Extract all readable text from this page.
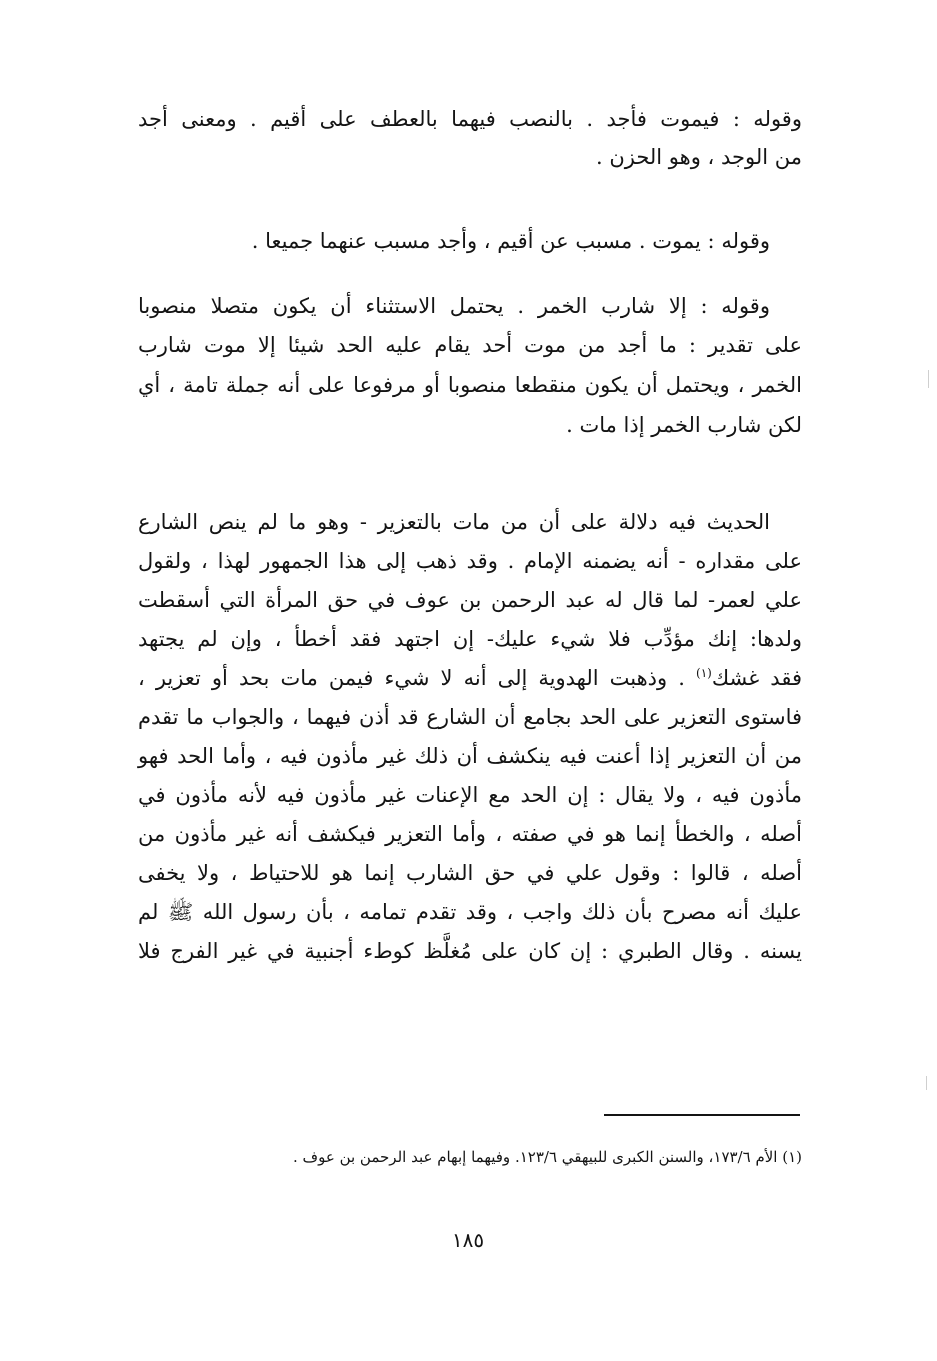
وقوله : فيموت فأجد . بالنصب فيهما بالعطف على أقيم . ومعنى أجد
من الوجد ، وهو الحزن .
وقوله : يموت . مسبب عن أقيم ، وأجد مسبب عنهما جميعا .
وقوله : إلا شارب الخمر . يحتمل الاستثناء أن يكون متصلا منصوبا
على تقدير : ما أجد من موت أحد يقام عليه الحد شيئا إلا موت شارب
الخمر ، ويحتمل أن يكون منقطعا منصوبا أو مرفوعا على أنه جملة تامة ، أي
لكن شارب الخمر إذا مات .
الحديث فيه دلالة على أن من مات بالتعزير - وهو ما لم ينص الشارع
على مقداره - أنه يضمنه الإمام . وقد ذهب إلى هذا الجمهور لهذا ، ولقول
علي لعمر- لما قال له عبد الرحمن بن عوف في حق المرأة التي أسقطت
ولدها: إنك مؤدِّب فلا شيء عليك- إن اجتهد فقد أخطأ ، وإن لم يجتهد
فقد غشك$^{(١)}$ . وذهبت الهدوية إلى أنه لا شيء فيمن مات بحد أو تعزير ،
فاستوى التعزير على الحد بجامع أن الشارع قد أذن فيهما ، والجواب ما تقدم
من أن التعزير إذا أعنت فيه ينكشف أن ذلك غير مأذون فيه ، وأما الحد فهو
مأذون فيه ، ولا يقال : إن الحد مع الإعنات غير مأذون فيه لأنه مأذون في
أصله ، والخطأ إنما هو في صفته ، وأما التعزير فيكشف أنه غير مأذون من
أصله ، قالوا : وقول علي في حق الشارب إنما هو للاحتياط ، ولا يخفى
عليك أنه مصرح بأن ذلك واجب ، وقد تقدم تمامه ، بأن رسول الله ﷺ لم
يسنه . وقال الطبري : إن كان على مُغلَّظ كوطء أجنبية في غير الفرج فلا
(١) الأم ١٧٣/٦، والسنن الكبرى للبيهقي ١٢٣/٦. وفيهما إبهام عبد الرحمن بن عوف .
١٨٥
